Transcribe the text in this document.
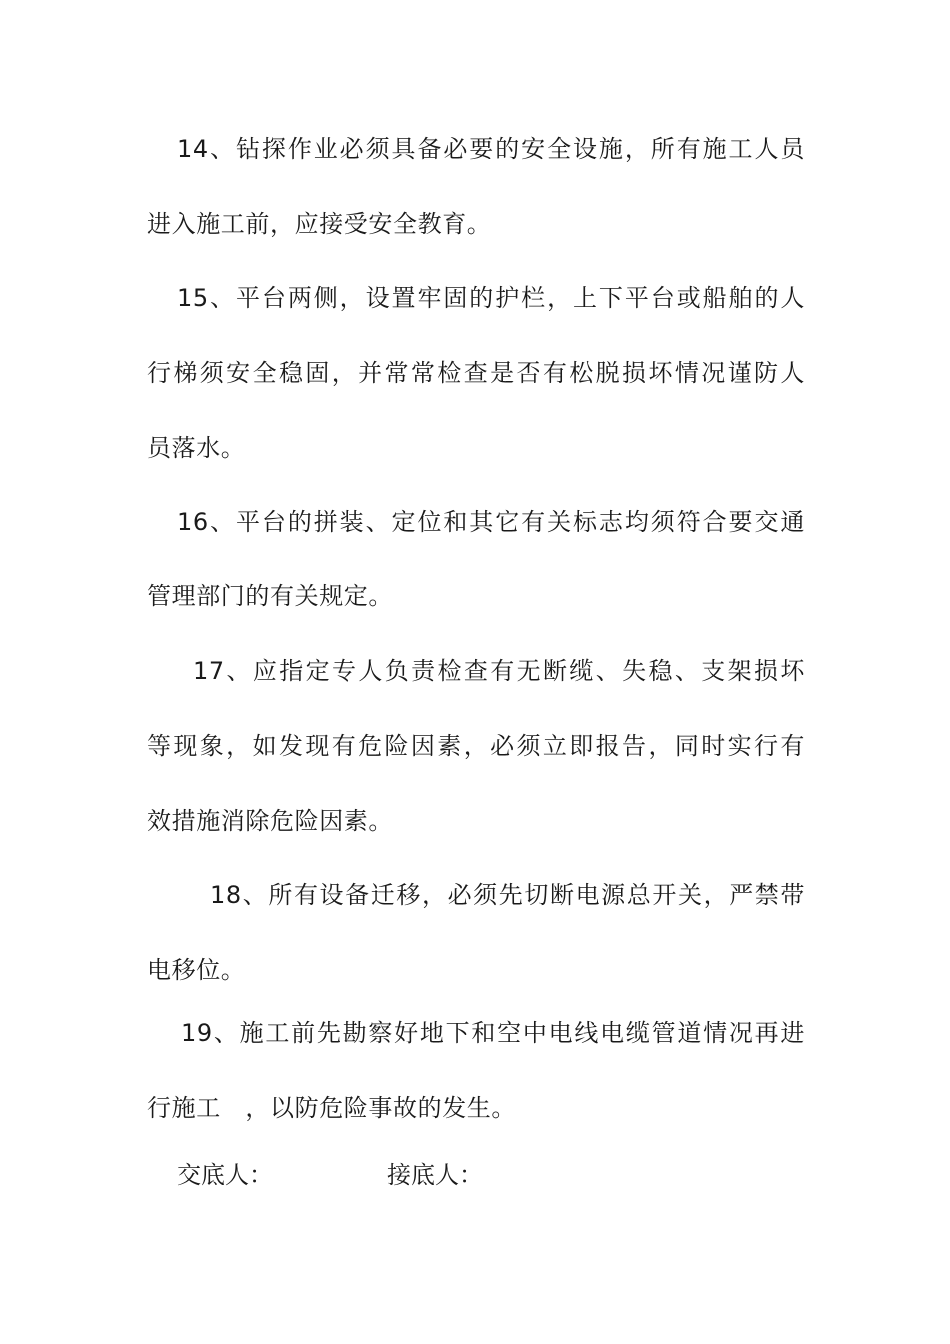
14、钻探作业必须具备必要的安全设施，所有施工人员
进入施工前，应接受安全教育。
15、平台两侧，设置牢固的护栏，上下平台或船舶的人
行梯须安全稳固，并常常检查是否有松脱损坏情况谨防人
员落水。
16、平台的拼装、定位和其它有关标志均须符合要交通
管理部门的有关规定。
17、应指定专人负责检查有无断缆、失稳、支架损坏
等现象，如发现有危险因素，必须立即报告，同时实行有
效措施消除危险因素。
18、所有设备迁移，必须先切断电源总开关，严禁带
电移位。
19、施工前先勘察好地下和空中电线电缆管道情况再进
行施工　，以防危险事故的发生。
交底人：	接底人：
